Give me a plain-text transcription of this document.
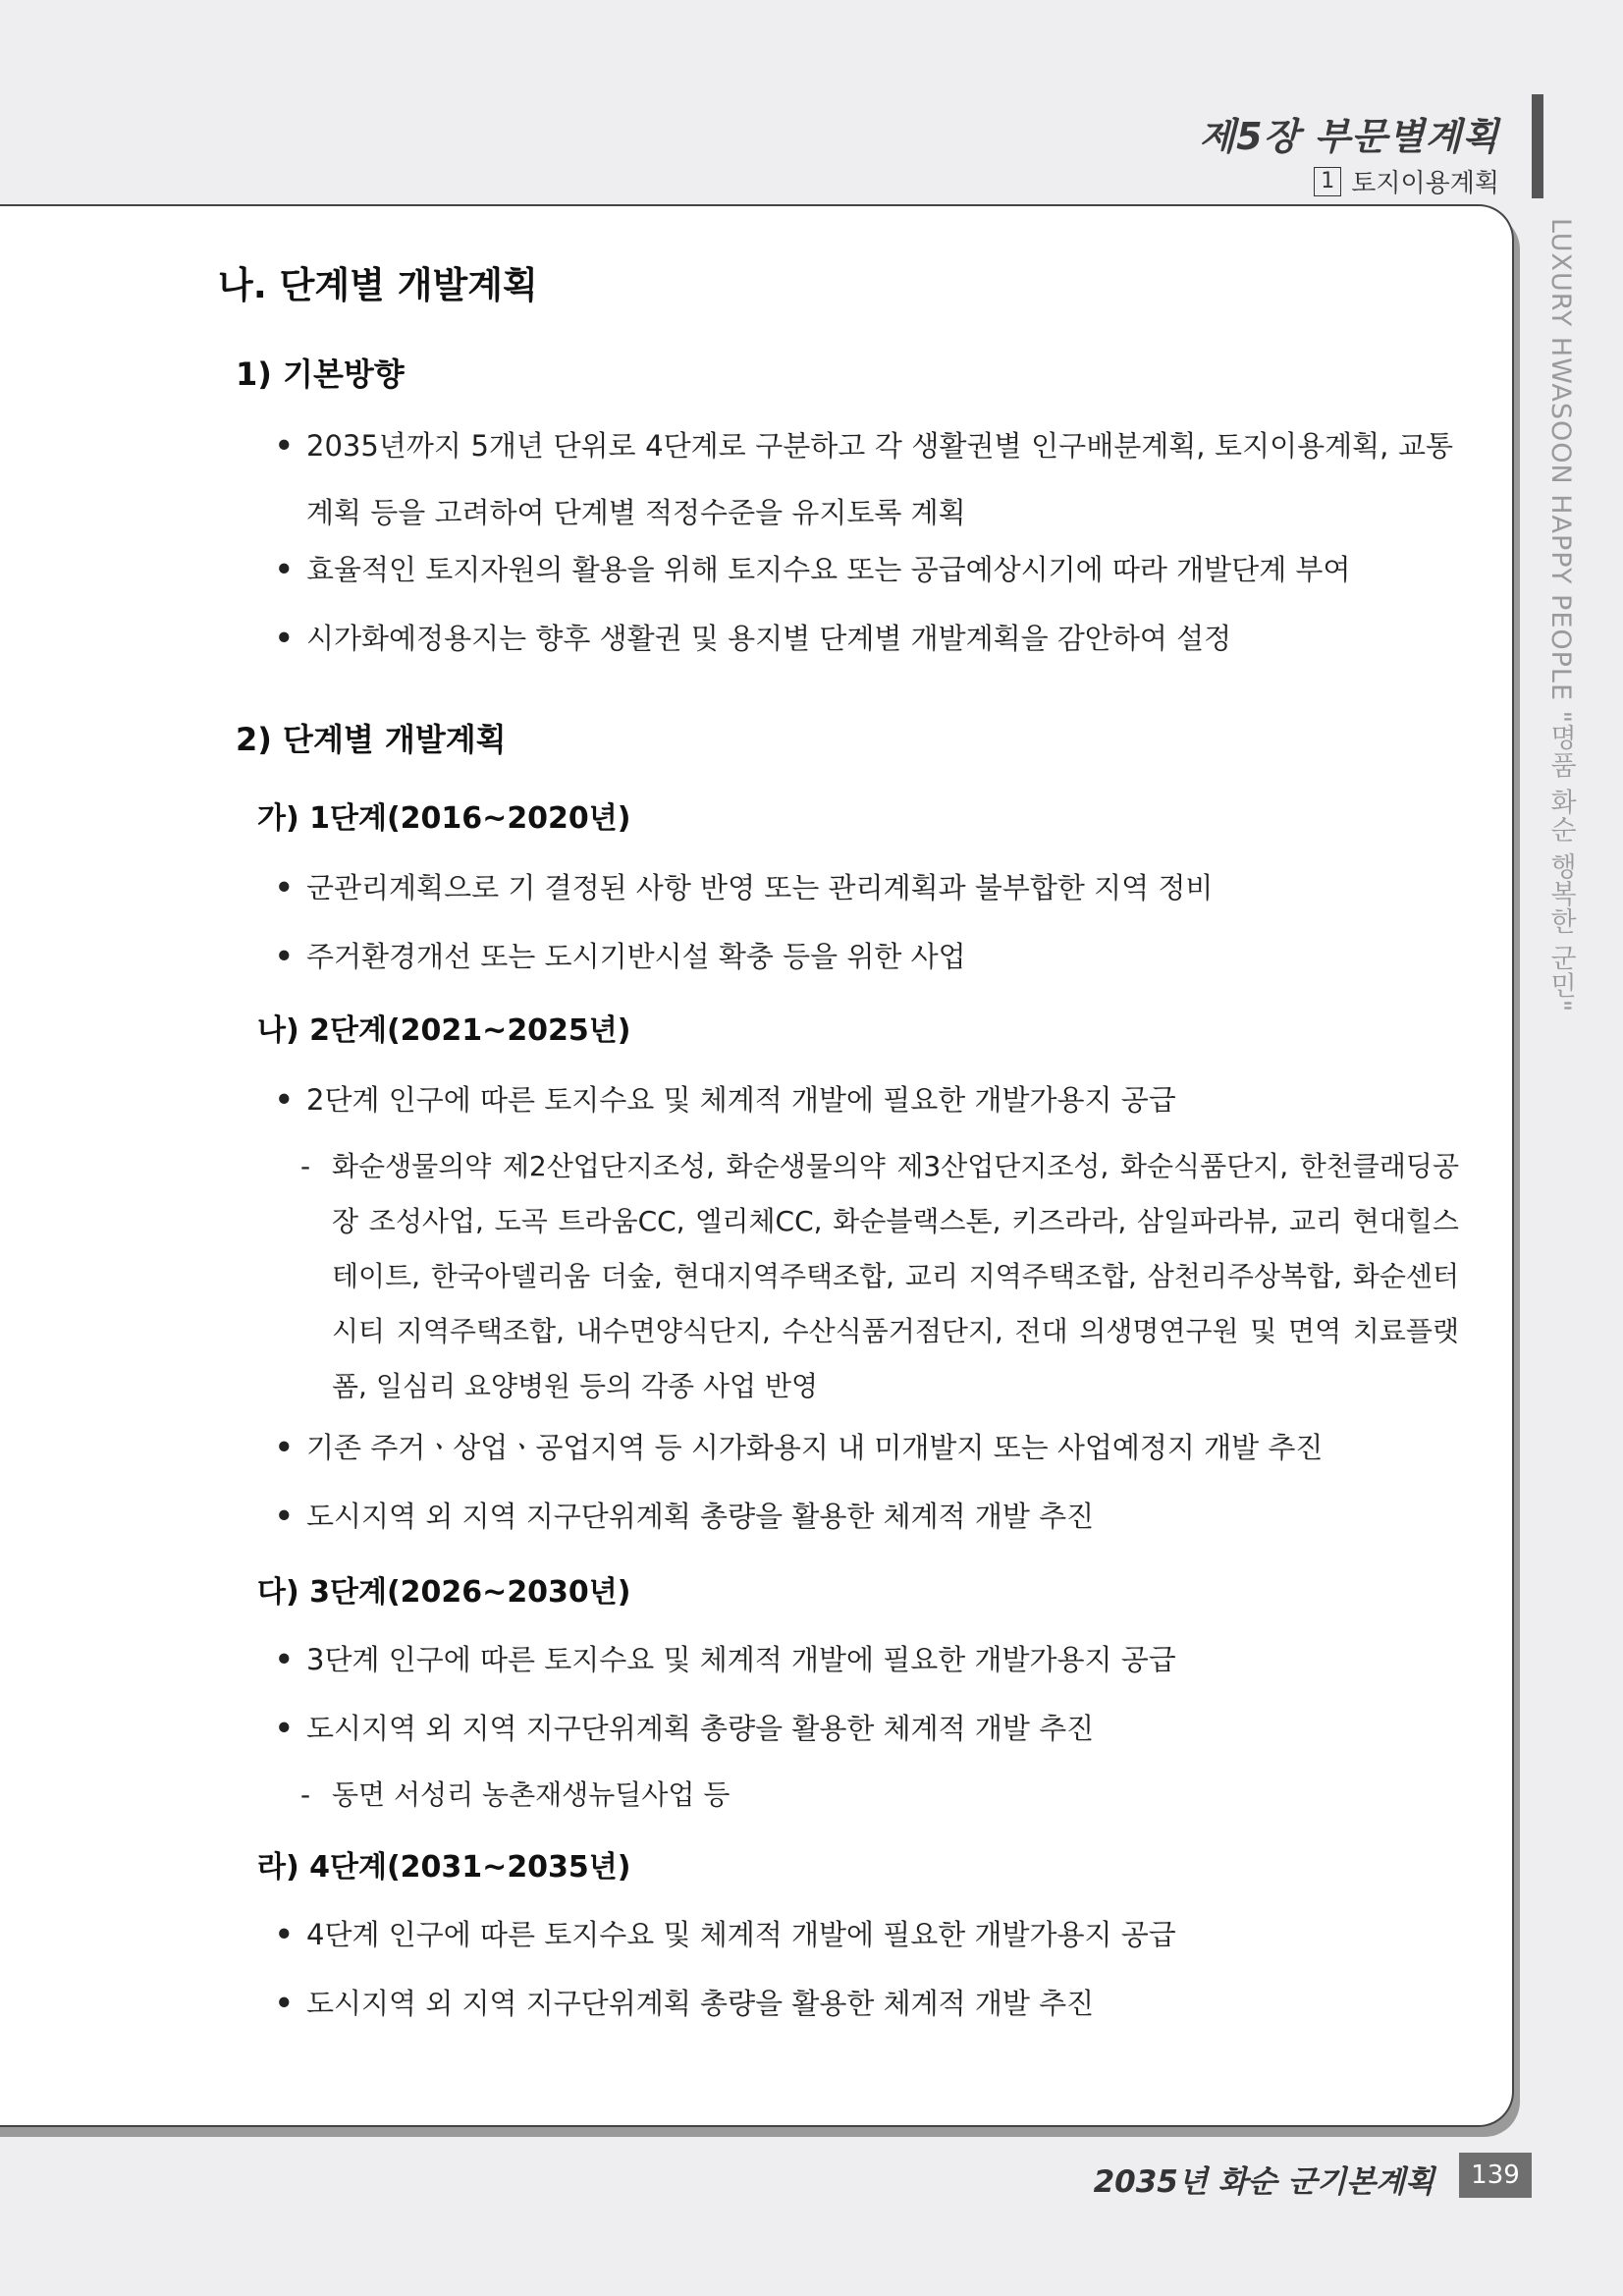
제5장 부문별계획
1 토지이용계획
LUXURY HWASOON HAPPY PEOPLE "명품 화순 행복한 군민"
나. 단계별 개발계획
1) 기본방향
• 2035년까지 5개년 단위로 4단계로 구분하고 각 생활권별 인구배분계획, 토지이용계획, 교통계획 등을 고려하여 단계별 적정수준을 유지토록 계획
• 효율적인 토지자원의 활용을 위해 토지수요 또는 공급예상시기에 따라 개발단계 부여
• 시가화예정용지는 향후 생활권 및 용지별 단계별 개발계획을 감안하여 설정
2) 단계별 개발계획
가) 1단계(2016~2020년)
• 군관리계획으로 기 결정된 사항 반영 또는 관리계획과 불부합한 지역 정비
• 주거환경개선 또는 도시기반시설 확충 등을 위한 사업
나) 2단계(2021~2025년)
• 2단계 인구에 따른 토지수요 및 체계적 개발에 필요한 개발가용지 공급
- 화순생물의약 제2산업단지조성, 화순생물의약 제3산업단지조성, 화순식품단지, 한천클래딩공장 조성사업, 도곡 트라움CC, 엘리체CC, 화순블랙스톤, 키즈라라, 삼일파라뷰, 교리 현대힐스테이트, 한국아델리움 더숲, 현대지역주택조합, 교리 지역주택조합, 삼천리주상복합, 화순센터시티 지역주택조합, 내수면양식단지, 수산식품거점단지, 전대 의생명연구원 및 면역 치료플랫폼, 일심리 요양병원 등의 각종 사업 반영
• 기존 주거ㆍ상업ㆍ공업지역 등 시가화용지 내 미개발지 또는 사업예정지 개발 추진
• 도시지역 외 지역 지구단위계획 총량을 활용한 체계적 개발 추진
다) 3단계(2026~2030년)
• 3단계 인구에 따른 토지수요 및 체계적 개발에 필요한 개발가용지 공급
• 도시지역 외 지역 지구단위계획 총량을 활용한 체계적 개발 추진
- 동면 서성리 농촌재생뉴딜사업 등
라) 4단계(2031~2035년)
• 4단계 인구에 따른 토지수요 및 체계적 개발에 필요한 개발가용지 공급
• 도시지역 외 지역 지구단위계획 총량을 활용한 체계적 개발 추진
2035년 화순 군기본계획	139
